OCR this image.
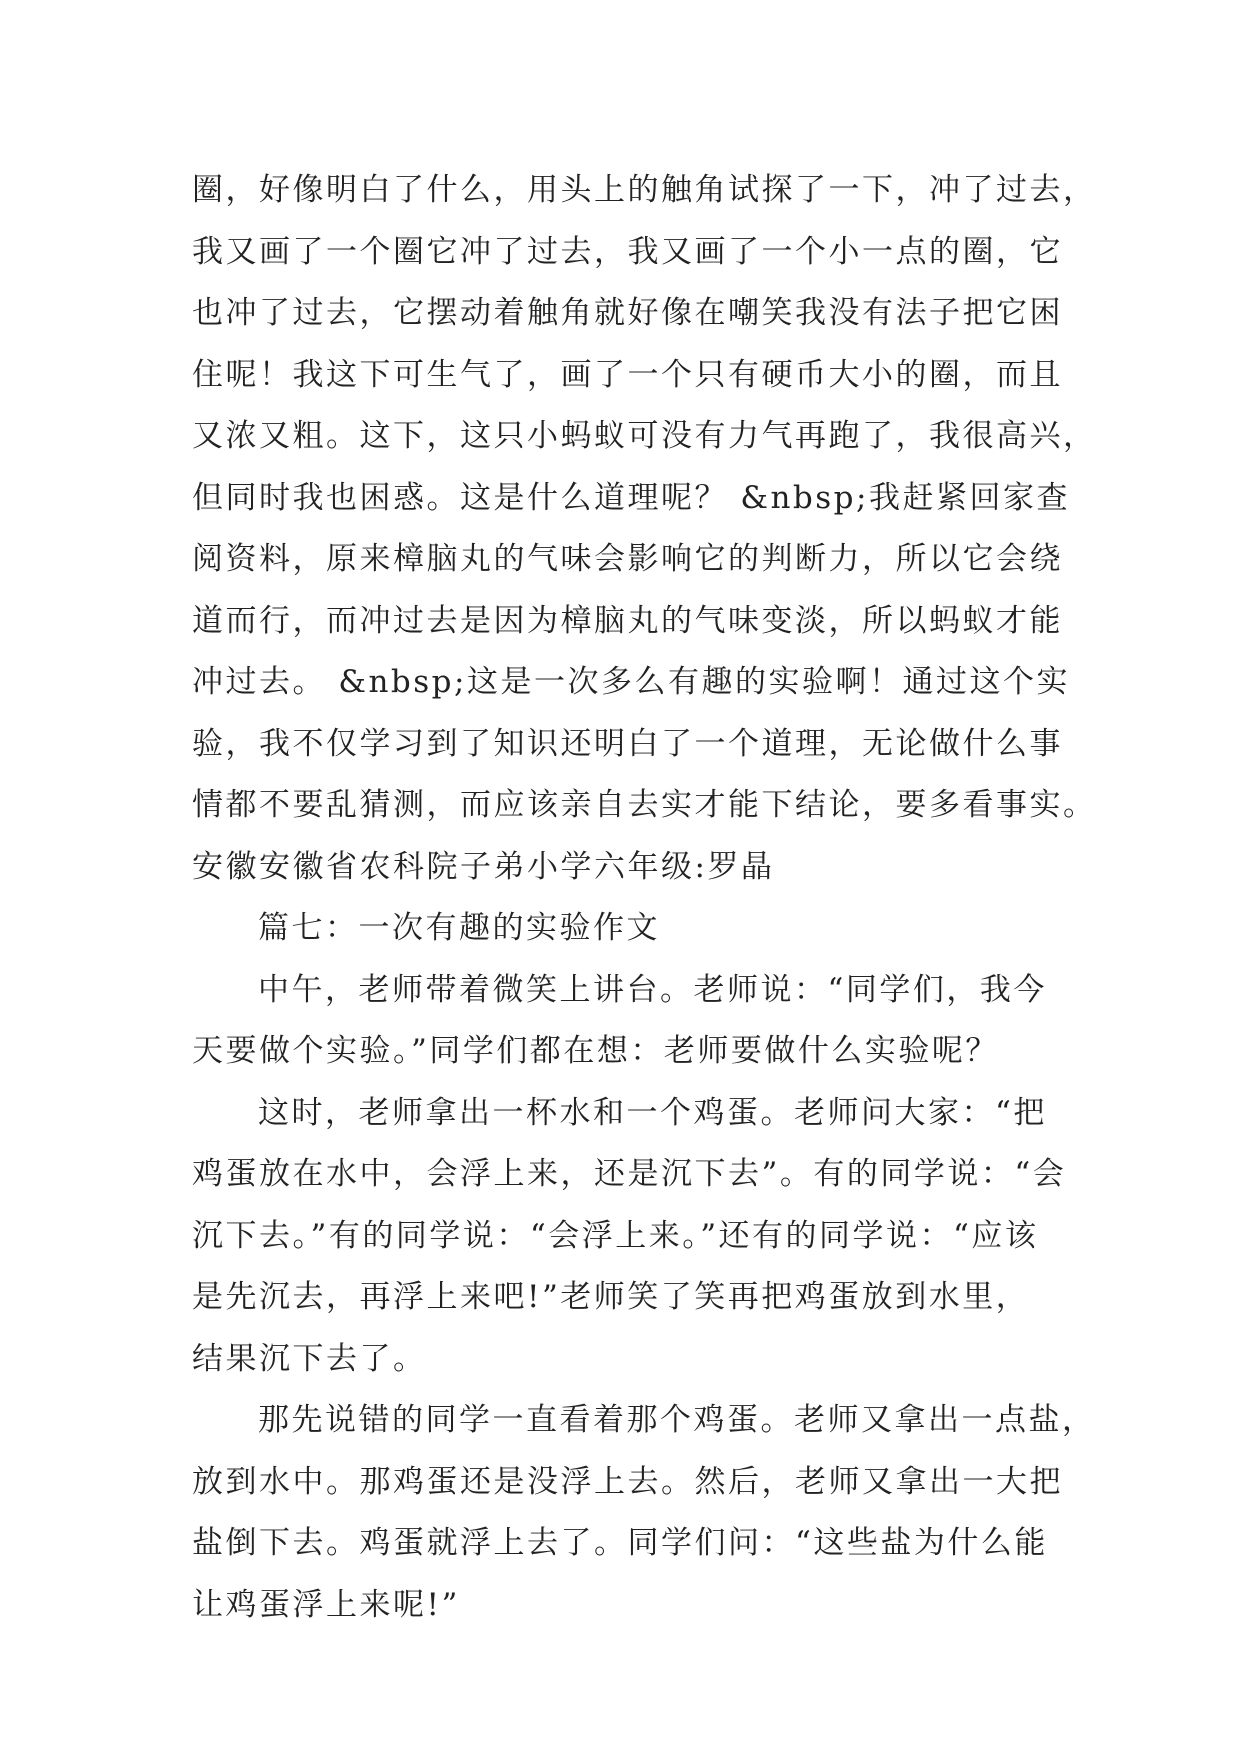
圈，好像明白了什么，用头上的触角试探了一下，冲了过去，
我又画了一个圈它冲了过去，我又画了一个小一点的圈，它
也冲了过去，它摆动着触角就好像在嘲笑我没有法子把它困
住呢！我这下可生气了，画了一个只有硬币大小的圈，而且
又浓又粗。这下，这只小蚂蚁可没有力气再跑了，我很高兴，
但同时我也困惑。这是什么道理呢？ &nbsp;我赶紧回家查
阅资料，原来樟脑丸的气味会影响它的判断力，所以它会绕
道而行，而冲过去是因为樟脑丸的气味变淡，所以蚂蚁才能
冲过去。 &nbsp;这是一次多么有趣的实验啊！通过这个实
验，我不仅学习到了知识还明白了一个道理，无论做什么事
情都不要乱猜测，而应该亲自去实才能下结论，要多看事实。
安徽安徽省农科院子弟小学六年级:罗晶
篇七：一次有趣的实验作文
中午，老师带着微笑上讲台。老师说：“同学们，我今
天要做个实验。”同学们都在想：老师要做什么实验呢？
这时，老师拿出一杯水和一个鸡蛋。老师问大家：“把
鸡蛋放在水中，会浮上来，还是沉下去”。有的同学说：“会
沉下去。”有的同学说：“会浮上来。”还有的同学说：“应该
是先沉去，再浮上来吧!”老师笑了笑再把鸡蛋放到水里，
结果沉下去了。
那先说错的同学一直看着那个鸡蛋。老师又拿出一点盐，
放到水中。那鸡蛋还是没浮上去。然后，老师又拿出一大把
盐倒下去。鸡蛋就浮上去了。同学们问：“这些盐为什么能
让鸡蛋浮上来呢!”
